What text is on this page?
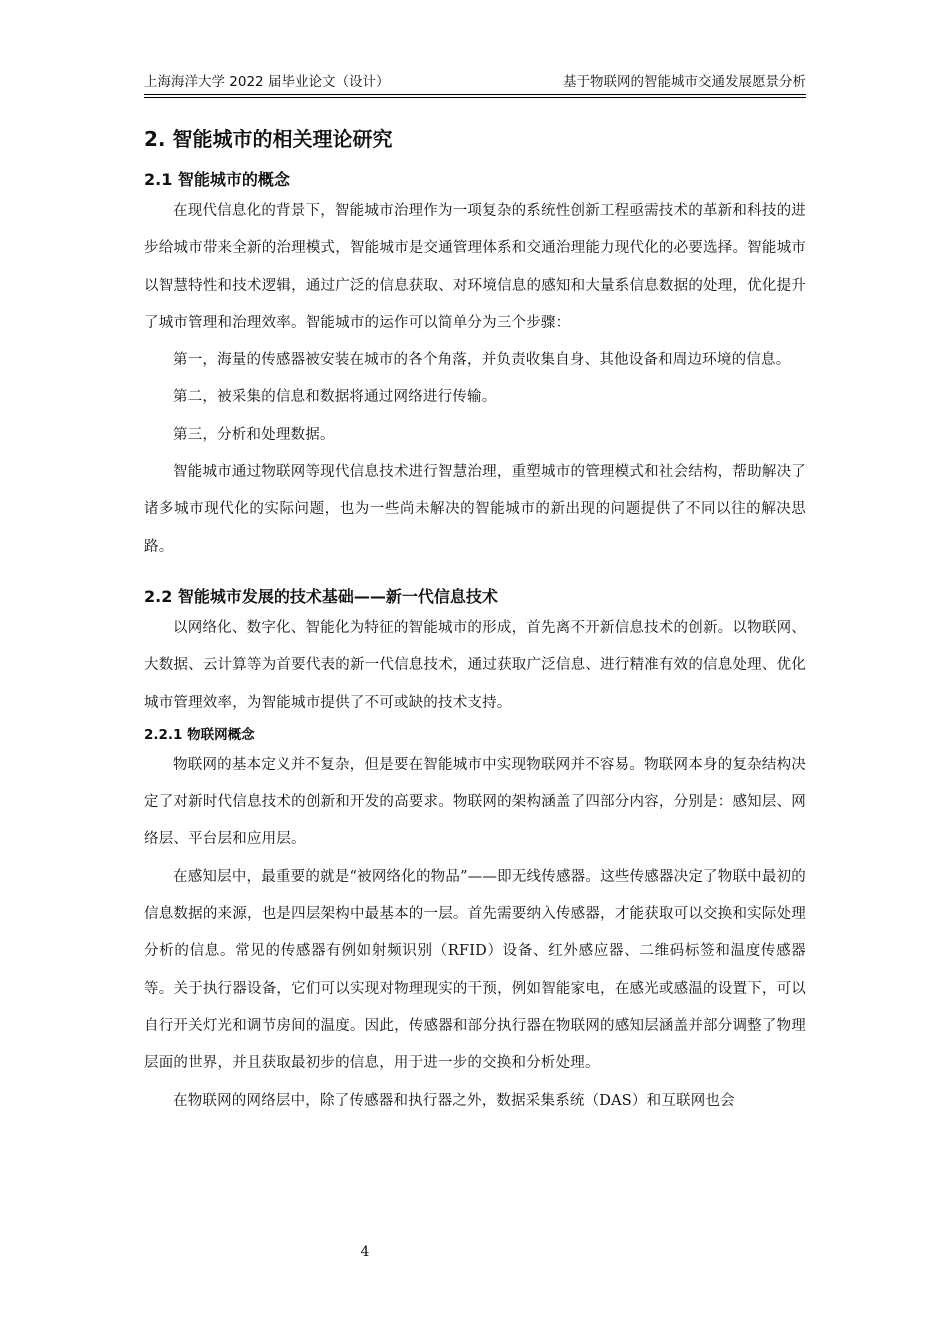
上海海洋大学 2022 届毕业论文（设计）	基于物联网的智能城市交通发展愿景分析
2. 智能城市的相关理论研究
2.1 智能城市的概念

在现代信息化的背景下，智能城市治理作为一项复杂的系统性创新工程亟需技术的革新和科技的进步给城市带来全新的治理模式，智能城市是交通管理体系和交通治理能力现代化的必要选择。智能城市以智慧特性和技术逻辑，通过广泛的信息获取、对环境信息的感知和大量系信息数据的处理，优化提升了城市管理和治理效率。智能城市的运作可以简单分为三个步骤：

第一，海量的传感器被安装在城市的各个角落，并负责收集自身、其他设备和周边环境的信息。

第二，被采集的信息和数据将通过网络进行传输。

第三，分析和处理数据。

智能城市通过物联网等现代信息技术进行智慧治理，重塑城市的管理模式和社会结构，帮助解决了诸多城市现代化的实际问题，也为一些尚未解决的智能城市的新出现的问题提供了不同以往的解决思路。

2.2 智能城市发展的技术基础——新一代信息技术

以网络化、数字化、智能化为特征的智能城市的形成，首先离不开新信息技术的创新。以物联网、大数据、云计算等为首要代表的新一代信息技术，通过获取广泛信息、进行精准有效的信息处理、优化城市管理效率，为智能城市提供了不可或缺的技术支持。

2.2.1 物联网概念

物联网的基本定义并不复杂，但是要在智能城市中实现物联网并不容易。物联网本身的复杂结构决定了对新时代信息技术的创新和开发的高要求。物联网的架构涵盖了四部分内容，分别是：感知层、网络层、平台层和应用层。

在感知层中，最重要的就是“被网络化的物品”——即无线传感器。这些传感器决定了物联中最初的信息数据的来源，也是四层架构中最基本的一层。首先需要纳入传感器，才能获取可以交换和实际处理分析的信息。常见的传感器有例如射频识别（RFID）设备、红外感应器、二维码标签和温度传感器等。关于执行器设备，它们可以实现对物理现实的干预，例如智能家电，在感光或感温的设置下，可以自行开关灯光和调节房间的温度。因此，传感器和部分执行器在物联网的感知层涵盖并部分调整了物理层面的世界，并且获取最初步的信息，用于进一步的交换和分析处理。

在物联网的网络层中，除了传感器和执行器之外，数据采集系统（DAS）和互联网也会

4
